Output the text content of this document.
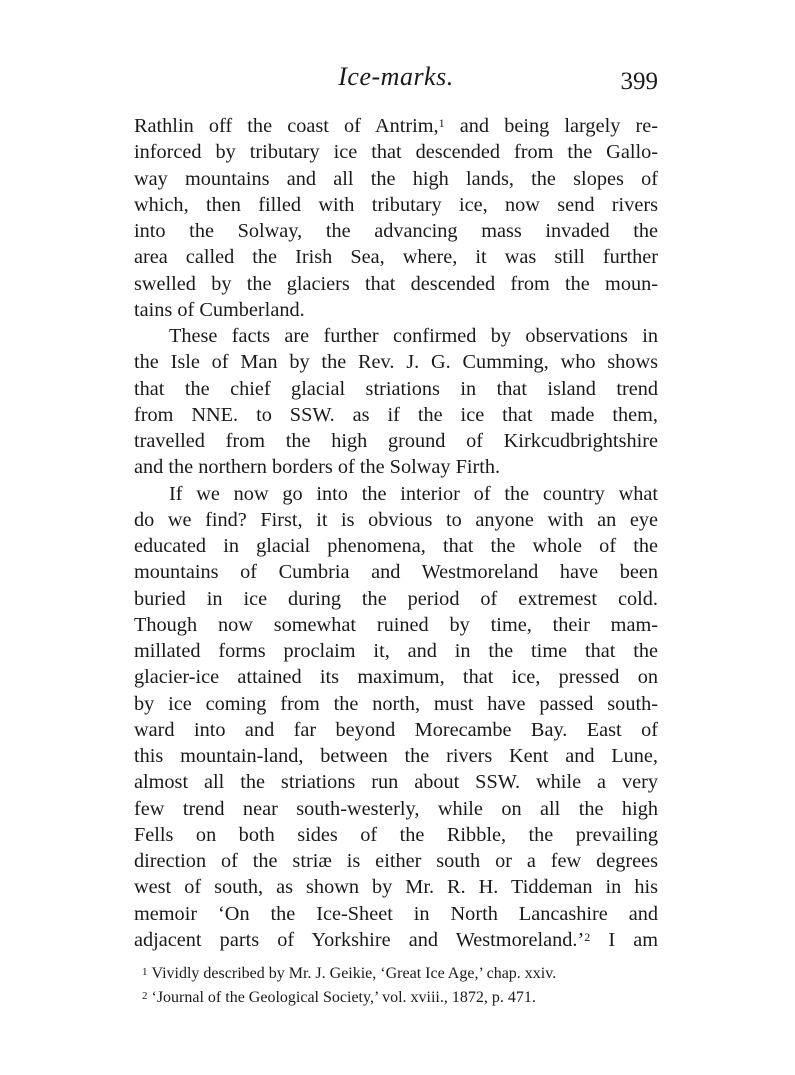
Ice-marks.	399
Rathlin off the coast of Antrim,$^1$ and being largely re-
inforced by tributary ice that descended from the Gallo-
way mountains and all the high lands, the slopes of
which, then filled with tributary ice, now send rivers
into the Solway, the advancing mass invaded the
area called the Irish Sea, where, it was still further
swelled by the glaciers that descended from the moun-
tains of Cumberland.
These facts are further confirmed by observations in
the Isle of Man by the Rev. J. G. Cumming, who shows
that the chief glacial striations in that island trend
from NNE. to SSW. as if the ice that made them,
travelled from the high ground of Kirkcudbrightshire
and the northern borders of the Solway Firth.
If we now go into the interior of the country what
do we find? First, it is obvious to anyone with an eye
educated in glacial phenomena, that the whole of the
mountains of Cumbria and Westmoreland have been
buried in ice during the period of extremest cold.
Though now somewhat ruined by time, their mam-
millated forms proclaim it, and in the time that the
glacier-ice attained its maximum, that ice, pressed on
by ice coming from the north, must have passed south-
ward into and far beyond Morecambe Bay. East of
this mountain-land, between the rivers Kent and Lune,
almost all the striations run about SSW. while a very
few trend near south-westerly, while on all the high
Fells on both sides of the Ribble, the prevailing
direction of the striæ is either south or a few degrees
west of south, as shown by Mr. R. H. Tiddeman in his
memoir ‘On the Ice-Sheet in North Lancashire and
adjacent parts of Yorkshire and Westmoreland.’$^2$ I am
$^1$ Vividly described by Mr. J. Geikie, ‘Great Ice Age,’ chap. xxiv.
$^2$ ‘Journal of the Geological Society,’ vol. xviii., 1872, p. 471.
